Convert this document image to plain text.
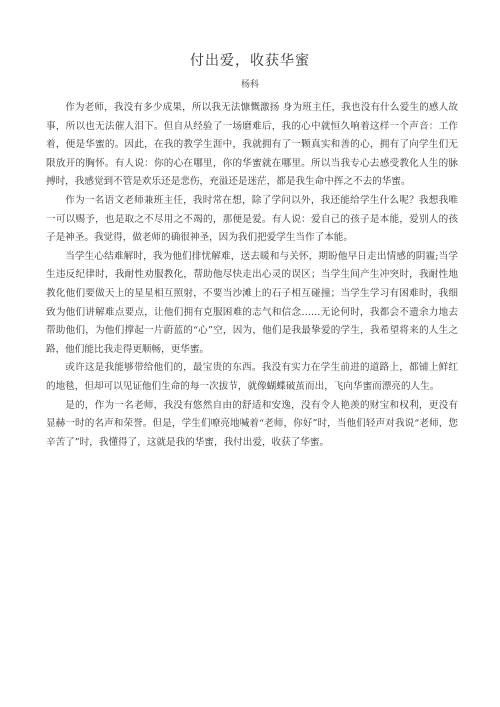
付出爱，收获华蜜
杨科

作为老师，我没有多少成果，所以我无法慷慨激扬 身为班主任，我也没有什么爱生的感人故事，所以也无法催人泪下。但自从经验了一场磨难后，我的心中就恒久响着这样一个声音：工作着，便是华蜜的。因此，在我的教学生涯中，我就拥有了一颗真实和善的心，拥有了向学生们无限放开的胸怀。有人说：你的心在哪里，你的华蜜就在哪里。所以当我专心去感受教化人生的脉搏时，我感觉到不管是欢乐还是悲伤，充溢还是迷茫，都是我生命中挥之不去的华蜜。

作为一名语文老师兼班主任，我时常在想，除了学问以外，我还能给学生什么呢？我想我唯一可以赐予，也是取之不尽用之不竭的，那便是爱。有人说：爱自己的孩子是本能，爱别人的孩子是神圣。我觉得，做老师的确很神圣，因为我们把爱学生当作了本能。

当学生心结难解时，我为他们排忧解难，送去暖和与关怀，期盼他早日走出情感的阴霾;当学生违反纪律时，我耐性劝服教化，帮助他尽快走出心灵的误区；当学生间产生冲突时，我耐性地教化他们要做天上的星星相互照射，不要当沙滩上的石子相互碰撞；当学生学习有困难时，我细致为他们讲解难点要点，让他们拥有克服困难的志气和信念……无论何时，我都会不遗余力地去帮助他们，为他们撑起一片蔚蓝的“心”空，因为，他们是我最挚爱的学生，我希望将来的人生之路，他们能比我走得更顺畅，更华蜜。

或许这是我能够带给他们的，最宝贵的东西。我没有实力在学生前进的道路上，都铺上鲜红的地毯，但却可以见证他们生命的每一次拔节，就像蝴蝶破茧而出，飞向华蜜而漂亮的人生。

是的，作为一名老师，我没有悠然自由的舒适和安逸，没有令人艳羡的财宝和权利，更没有显赫一时的名声和荣誉。但是，学生们嘹亮地喊着“老师，你好”时，当他们轻声对我说“老师，您辛苦了”时，我懂得了，这就是我的华蜜，我付出爱，收获了华蜜。
